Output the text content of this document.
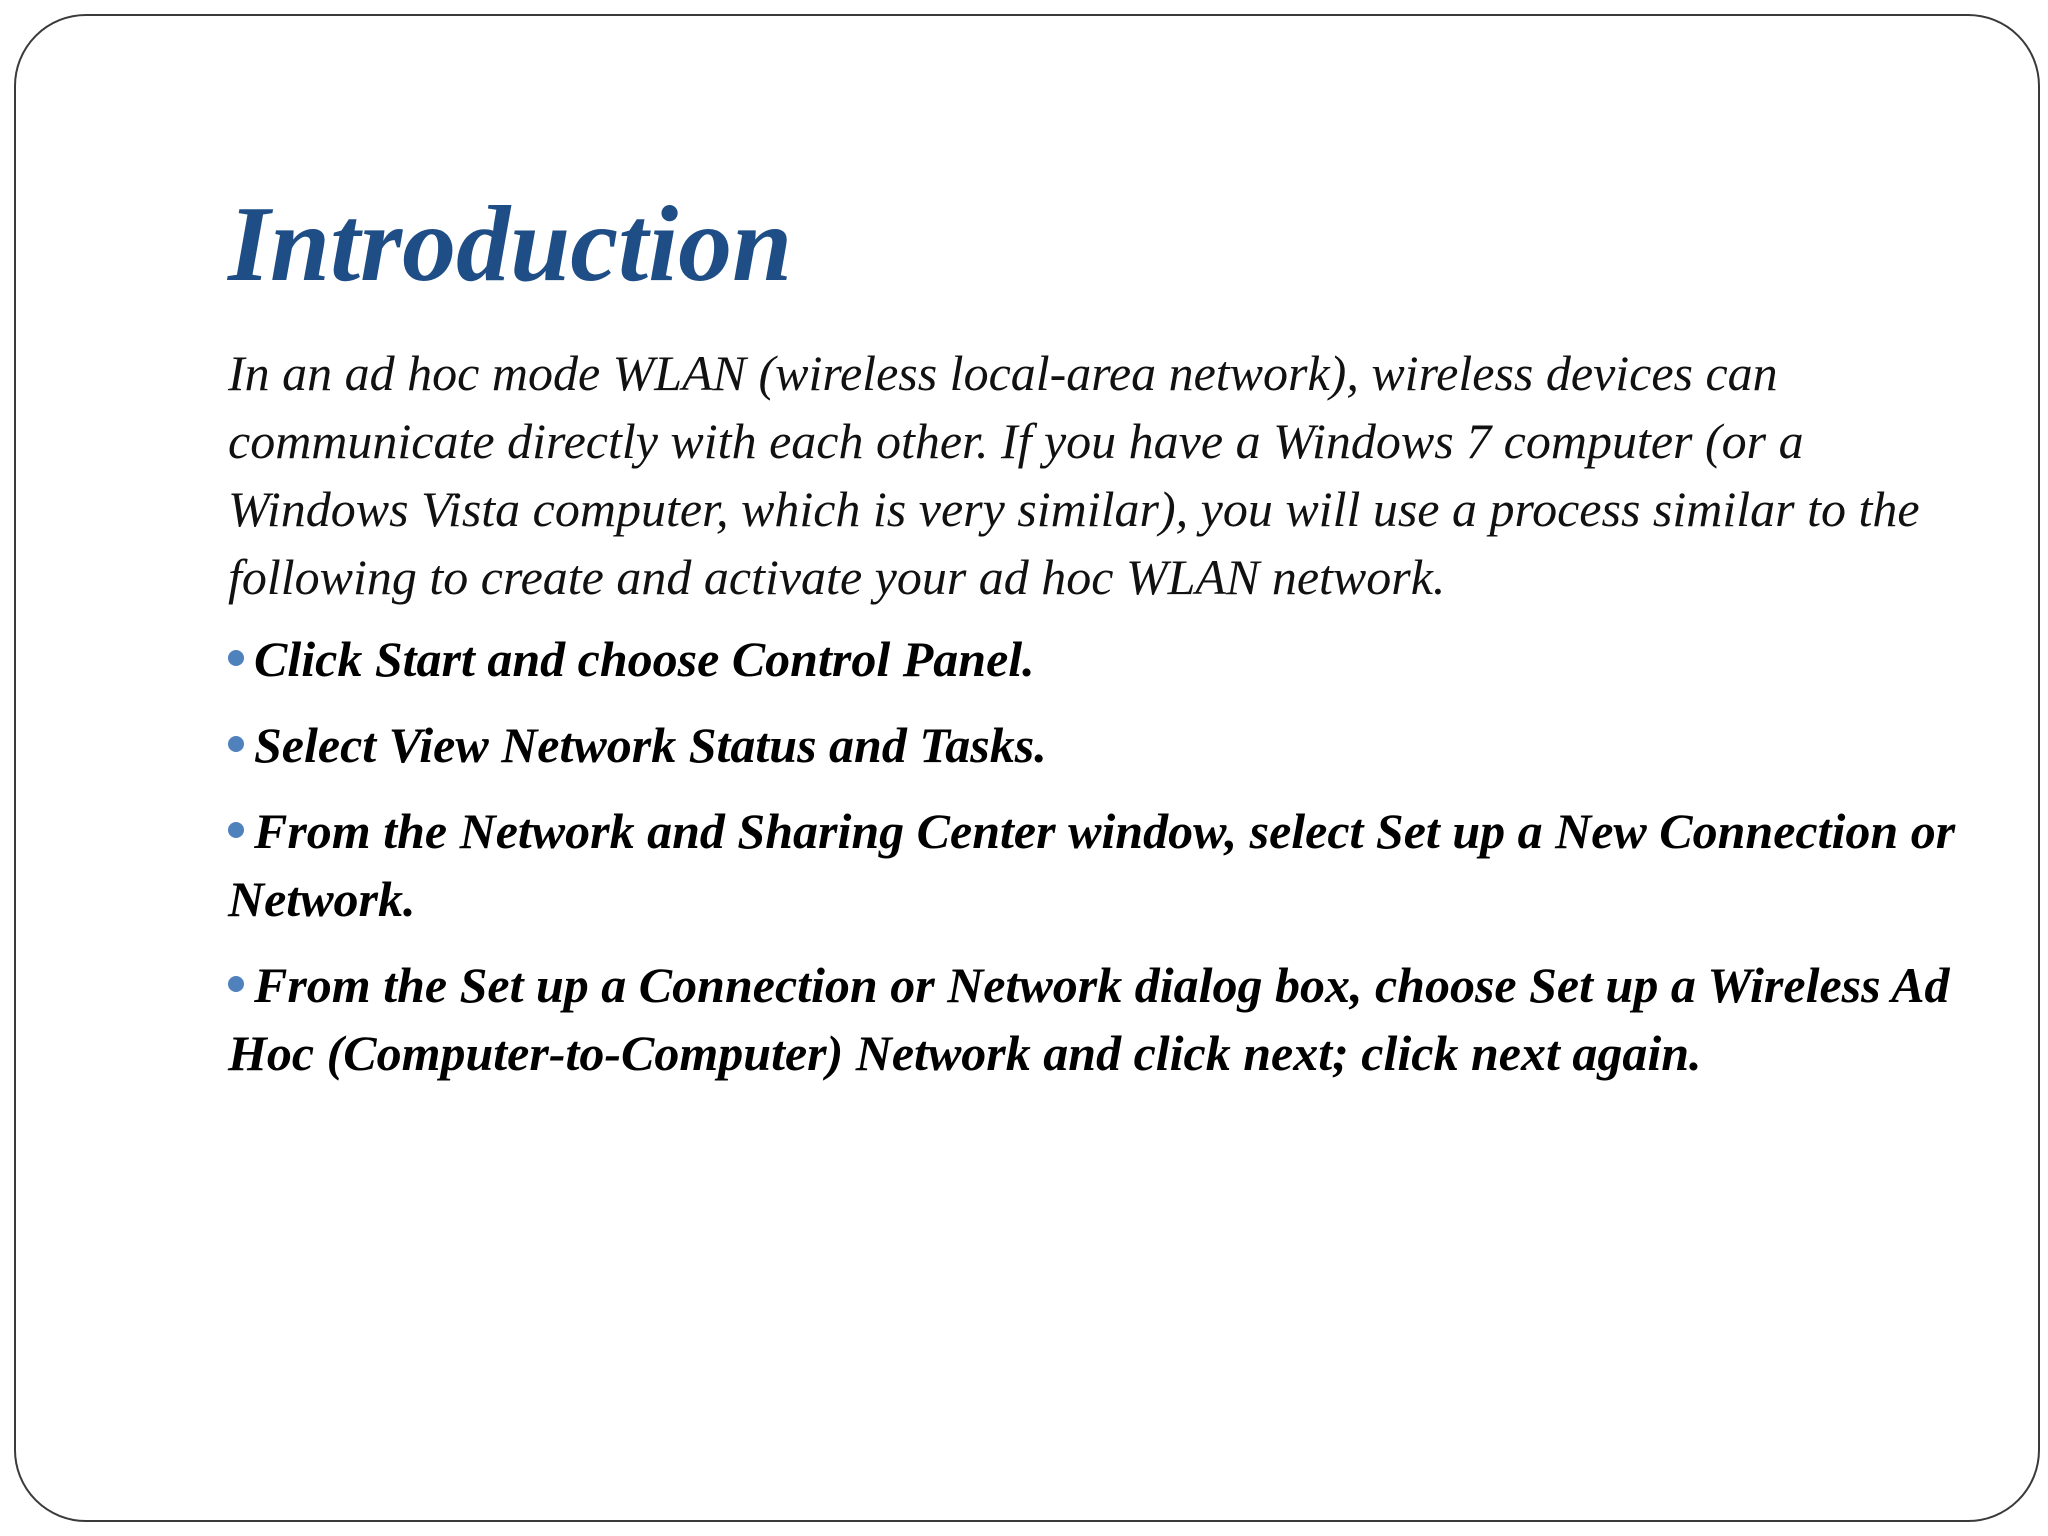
Introduction

In an ad hoc mode WLAN (wireless local-area network), wireless devices can communicate directly with each other. If you have a Windows 7 computer (or a Windows Vista computer, which is very similar), you will use a process similar to the following to create and activate your ad hoc WLAN network.

Click Start and choose Control Panel.
Select View Network Status and Tasks.
From the Network and Sharing Center window, select Set up a New Connection or Network.
From the Set up a Connection or Network dialog box, choose Set up a Wireless Ad Hoc (Computer-to-Computer) Network and click next; click next again.
